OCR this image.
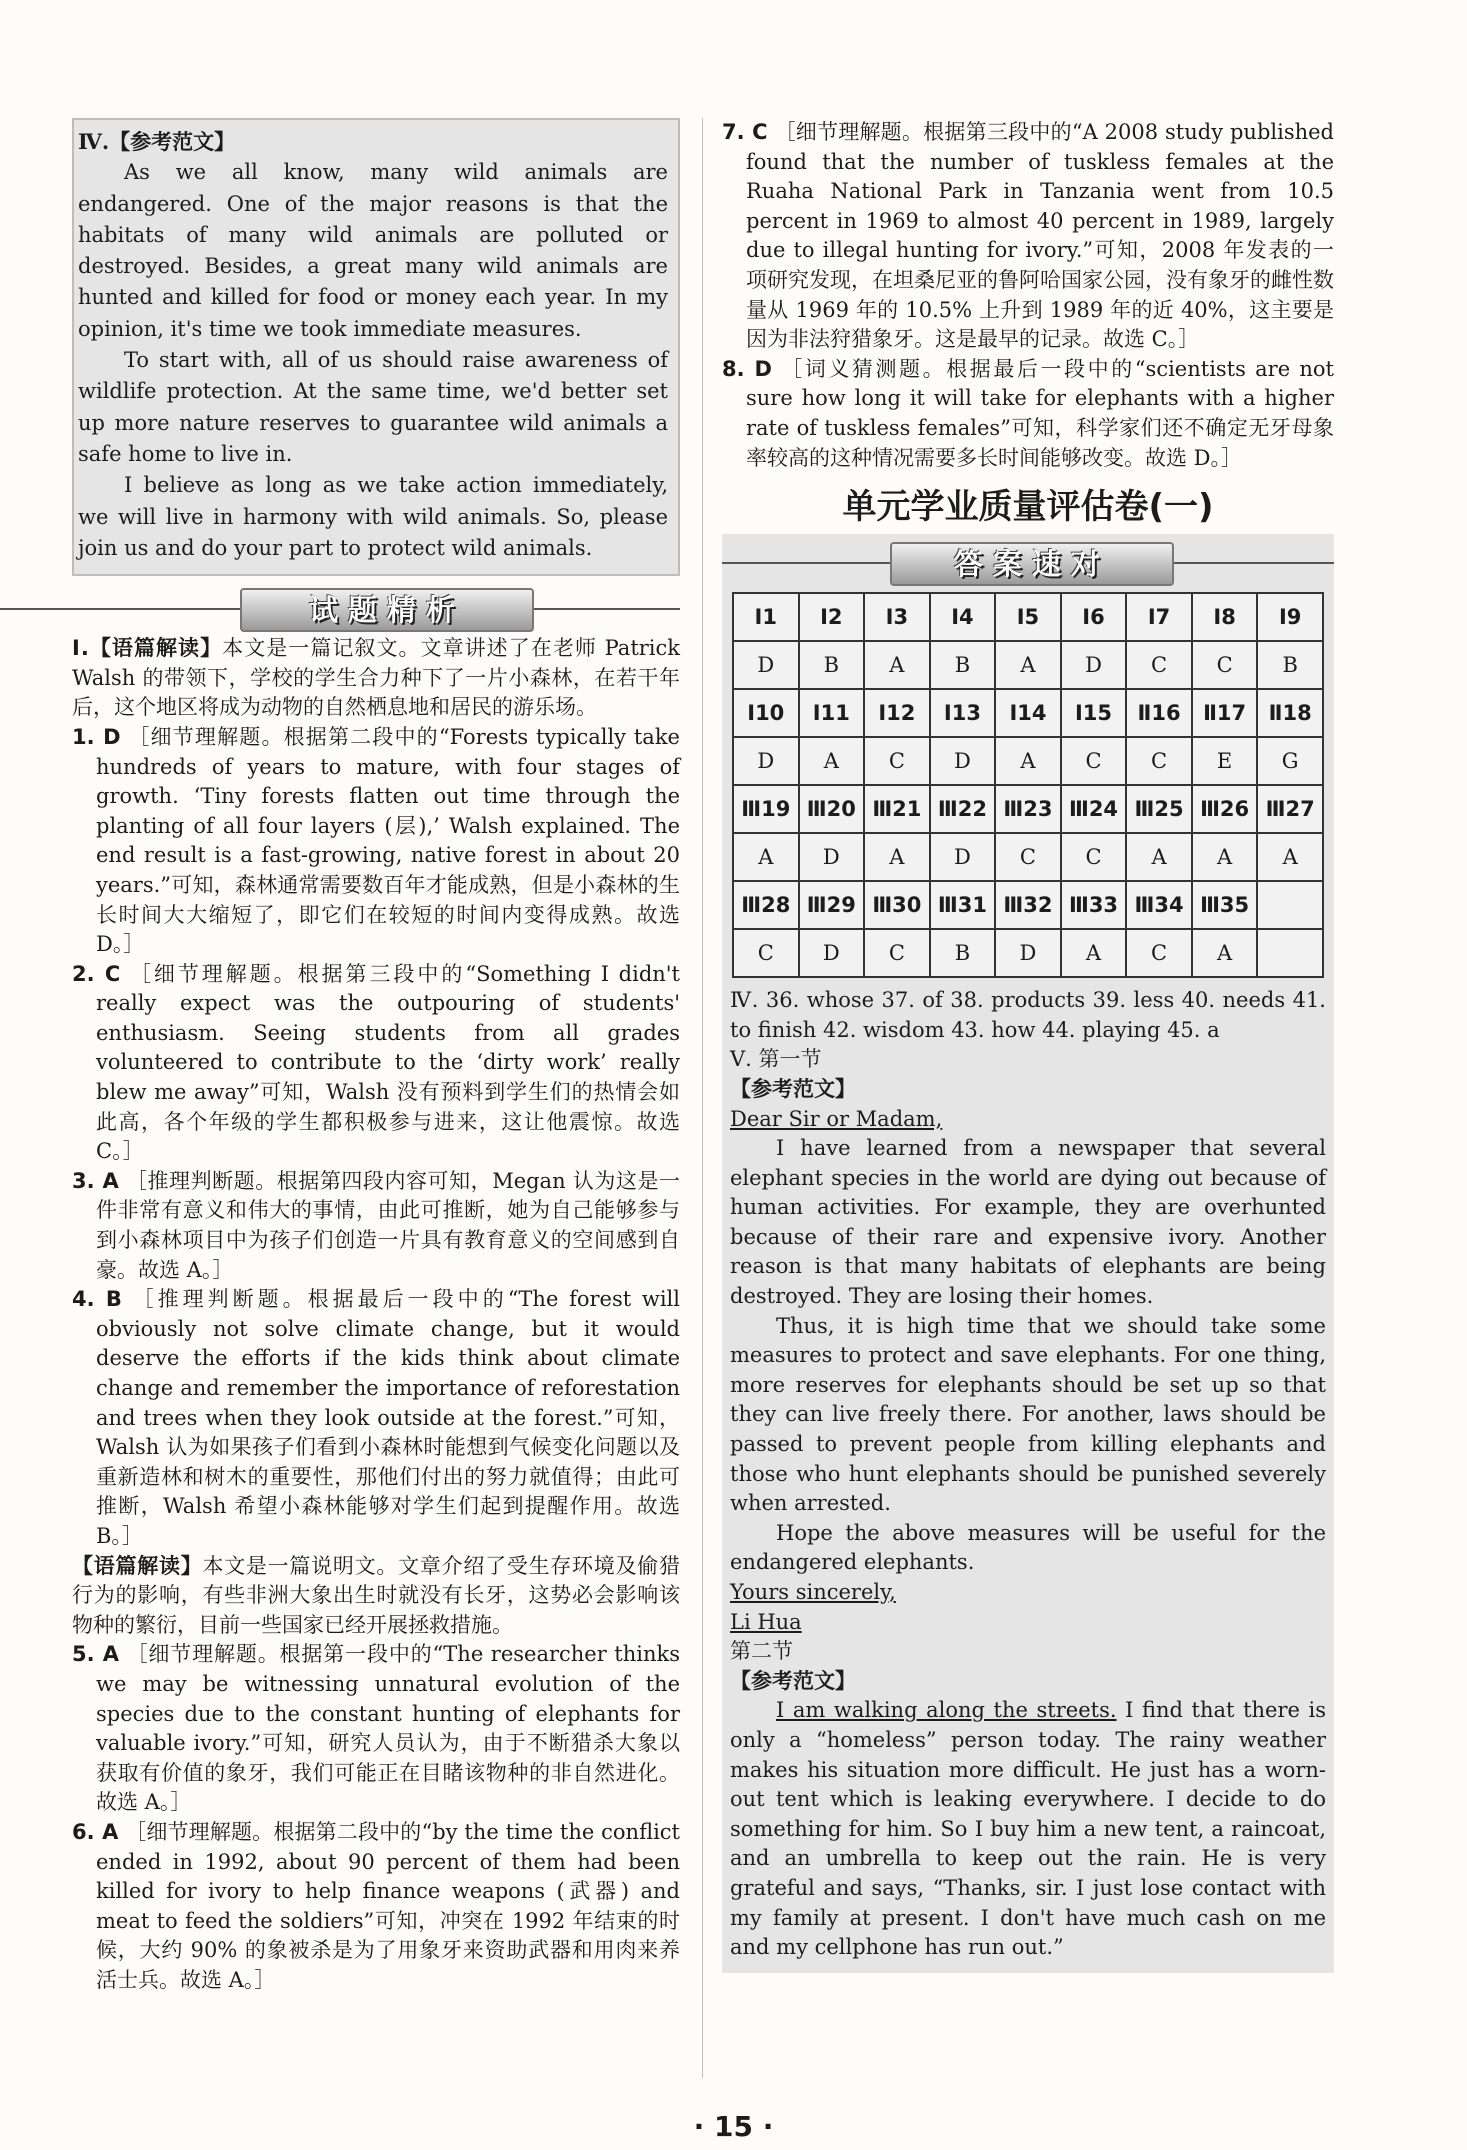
Ⅳ.【参考范文】

As we all know, many wild animals are endangered. One of the major reasons is that the habitats of many wild animals are polluted or destroyed. Besides, a great many wild animals are hunted and killed for food or money each year. In my opinion, it's time we took immediate measures.

To start with, all of us should raise awareness of wildlife protection. At the same time, we'd better set up more nature reserves to guarantee wild animals a safe home to live in.

I believe as long as we take action immediately, we will live in harmony with wild animals. So, please join us and do your part to protect wild animals.

试题精析

Ⅰ.【语篇解读】本文是一篇记叙文。文章讲述了在老师 Patrick Walsh 的带领下，学校的学生合力种下了一片小森林，在若干年后，这个地区将成为动物的自然栖息地和居民的游乐场。

1. D ［细节理解题。根据第二段中的“Forests typically take hundreds of years to mature, with four stages of growth. ‘Tiny forests flatten out time through the planting of all four layers (层),’ Walsh explained. The end result is a fast-growing, native forest in about 20 years.”可知，森林通常需要数百年才能成熟，但是小森林的生长时间大大缩短了，即它们在较短的时间内变得成熟。故选 D。］

2. C ［细节理解题。根据第三段中的“Something I didn't really expect was the outpouring of students' enthusiasm. Seeing students from all grades volunteered to contribute to the ‘dirty work’ really blew me away”可知，Walsh 没有预料到学生们的热情会如此高，各个年级的学生都积极参与进来，这让他震惊。故选 C。］

3. A ［推理判断题。根据第四段内容可知，Megan 认为这是一件非常有意义和伟大的事情，由此可推断，她为自己能够参与到小森林项目中为孩子们创造一片具有教育意义的空间感到自豪。故选 A。］

4. B ［推理判断题。根据最后一段中的“The forest will obviously not solve climate change, but it would deserve the efforts if the kids think about climate change and remember the importance of reforestation and trees when they look outside at the forest.”可知，Walsh 认为如果孩子们看到小森林时能想到气候变化问题以及重新造林和树木的重要性，那他们付出的努力就值得；由此可推断，Walsh 希望小森林能够对学生们起到提醒作用。故选 B。］

【语篇解读】本文是一篇说明文。文章介绍了受生存环境及偷猎行为的影响，有些非洲大象出生时就没有长牙，这势必会影响该物种的繁衍，目前一些国家已经开展拯救措施。

5. A ［细节理解题。根据第一段中的“The researcher thinks we may be witnessing unnatural evolution of the species due to the constant hunting of elephants for valuable ivory.”可知，研究人员认为，由于不断猎杀大象以获取有价值的象牙，我们可能正在目睹该物种的非自然进化。故选 A。］

6. A ［细节理解题。根据第二段中的“by the time the conflict ended in 1992, about 90 percent of them had been killed for ivory to help finance weapons (武器) and meat to feed the soldiers”可知，冲突在 1992 年结束的时候，大约 90% 的象被杀是为了用象牙来资助武器和用肉来养活士兵。故选 A。］

7. C ［细节理解题。根据第三段中的“A 2008 study published found that the number of tuskless females at the Ruaha National Park in Tanzania went from 10.5 percent in 1969 to almost 40 percent in 1989, largely due to illegal hunting for ivory.”可知，2008 年发表的一项研究发现，在坦桑尼亚的鲁阿哈国家公园，没有象牙的雌性数量从 1969 年的 10.5% 上升到 1989 年的近 40%，这主要是因为非法狩猎象牙。这是最早的记录。故选 C。］

8. D ［词义猜测题。根据最后一段中的“scientists are not sure how long it will take for elephants with a higher rate of tuskless females”可知，科学家们还不确定无牙母象率较高的这种情况需要多长时间能够改变。故选 D。］

单元学业质量评估卷(一)
答案速对
Ⅰ1	Ⅰ2	Ⅰ3	Ⅰ4	Ⅰ5	Ⅰ6	Ⅰ7	Ⅰ8	Ⅰ9
D	B	A	B	A	D	C	C	B
Ⅰ10	Ⅰ11	Ⅰ12	Ⅰ13	Ⅰ14	Ⅰ15	Ⅱ16	Ⅱ17	Ⅱ18
D	A	C	D	A	C	C	E	G
Ⅲ19	Ⅲ20	Ⅲ21	Ⅲ22	Ⅲ23	Ⅲ24	Ⅲ25	Ⅲ26	Ⅲ27
A	D	A	D	C	C	A	A	A
Ⅲ28	Ⅲ29	Ⅲ30	Ⅲ31	Ⅲ32	Ⅲ33	Ⅲ34	Ⅲ35	
C	D	C	B	D	A	C	A	

Ⅳ. 36. whose 37. of 38. products 39. less 40. needs 41. to finish 42. wisdom 43. how 44. playing 45. a

Ⅴ. 第一节

【参考范文】

Dear Sir or Madam,

I have learned from a newspaper that several elephant species in the world are dying out because of human activities. For example, they are overhunted because of their rare and expensive ivory. Another reason is that many habitats of elephants are being destroyed. They are losing their homes.

Thus, it is high time that we should take some measures to protect and save elephants. For one thing, more reserves for elephants should be set up so that they can live freely there. For another, laws should be passed to prevent people from killing elephants and those who hunt elephants should be punished severely when arrested.

Hope the above measures will be useful for the endangered elephants.

Yours sincerely,

Li Hua

第二节

【参考范文】

I am walking along the streets. I find that there is only a “homeless” person today. The rainy weather makes his situation more difficult. He just has a worn-out tent which is leaking everywhere. I decide to do something for him. So I buy him a new tent, a raincoat, and an umbrella to keep out the rain. He is very grateful and says, “Thanks, sir. I just lose contact with my family at present. I don't have much cash on me and my cellphone has run out.”

· 15 ·
